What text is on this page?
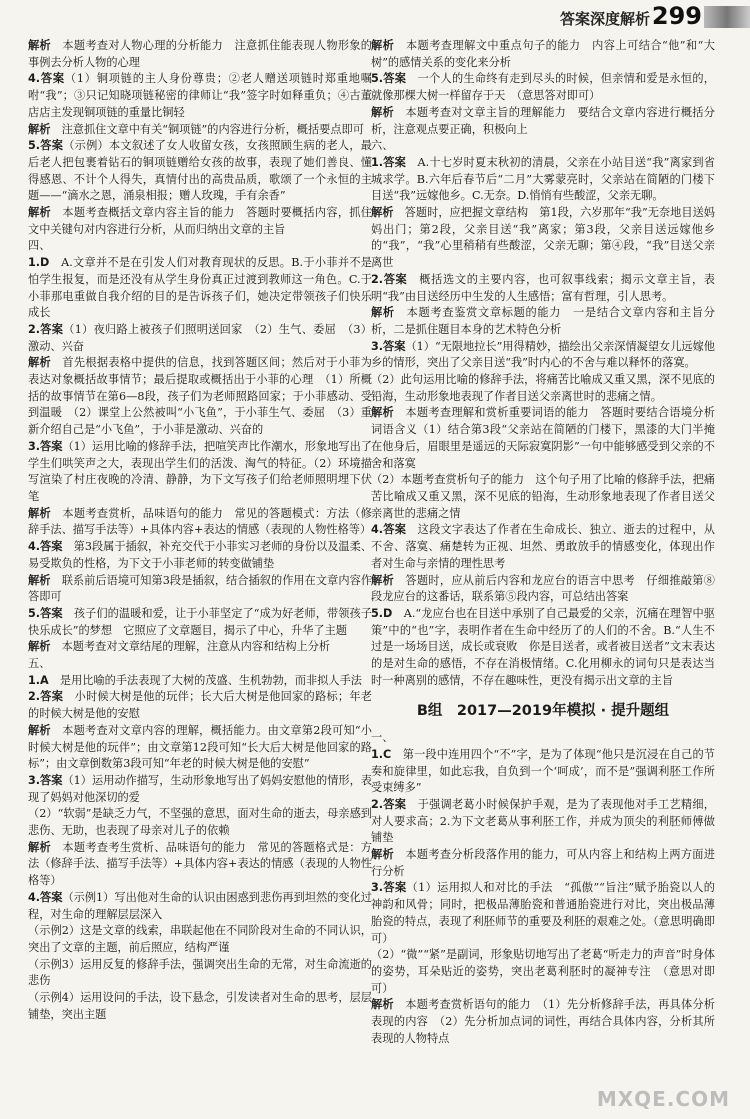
答案深度解析 299

解析　本题考查对人物心理的分析能力　注意抓住能表现人物形象的事例去分析人物的心理

4.答案（1）铜项链的主人身份尊贵；②老人赠送项链时郑重地嘱咐“我”；③只记知晓项链秘密的律师让“我”签字时如释重负；④古董店店主发现铜项链的重量比铜轻

解析　注意抓住文章中有关“铜项链”的内容进行分析，概括要点即可

5.答案（示例）本文叙述了女人收留女孩，女孩照顾生病的老人，最后老人把包裹着钻石的铜项链赠给女孩的故事，表现了她们善良、懂得感恩、不计个人得失，真情付出的高贵品质，歌颂了一个永恒的主题——“滴水之恩，涌泉相报；赠人玫瑰，手有余香”

解析　本题考查概括文章内容主旨的能力　答题时要概括内容，抓住文中关键句对内容进行分析，从而归纳出文章的主旨

四、

1.D　A.文章并不是在引发人们对教育现状的反思。B.于小菲并不是怕学生报复，而是还没有从学生身份真正过渡到教师这一角色。C.于小菲那电重做自我介绍的目的是告诉孩子们，她决定带领孩子们快乐成长

2.答案（1）夜归路上被孩子们照明送回家　（2）生气、委屈　（3）激动、兴奋

解析　首先根据表格中提供的信息，找到答题区间；然后对于小菲为表达对象概括故事情节；最后提取或概括出于小菲的心理　（1）所概括的故事情节在第6—8段，孩子们为老师照路回家；于小菲感动、受到温暖　（2）课堂上公然被叫“小飞鱼”，于小菲生气、委屈　（3）重新介绍自己是“小飞鱼”，于小菲是激动、兴奋的

3.答案（1）运用比喻的修辞手法，把喧笑声比作潮水，形象地写出了学生们哄笑声之大，表现出学生们的活泼、淘气的特征。（2）环境描写渲染了村庄夜晚的冷清、静静，为下文写孩子们给老师照明埋下伏笔

解析　本题考查赏析，品味语句的能力　常见的答题模式：方法（修辞手法、描写手法等）+具体内容+表达的情感（表现的人物性格等）

4.答案　第3段属于插叙，补充交代于小菲实习老师的身份以及温柔、易受欺负的性格，为下文于小菲老师的转变做铺垫

解析　联系前后语境可知第3段是插叙，结合插叙的作用在文章内容作答即可

5.答案　孩子们的温暖和爱，让于小菲坚定了“成为好老师，带领孩子快乐成长”的梦想　它照应了文章题目，揭示了中心，升华了主题

解析　本题考查对文章结尾的理解，注意从内容和结构上分析

五、

1.A　是用比喻的手法表现了大树的茂盛、生机勃勃，而非拟人手法

2.答案　小时候大树是他的玩伴；长大后大树是他回家的路标；年老的时候大树是他的安慰

解析　本题考查对文章内容的理解，概括能力。由文章第2段可知“小时候大树是他的玩伴”；由文章第12段可知“长大后大树是他回家的路标”；由文章倒数第3段可知“年老的时候大树是他的安慰”

3.答案（1）运用动作描写，生动形象地写出了妈妈安慰他的情形，表现了妈妈对他深切的爱

（2）“软弱”是缺乏力气，不坚强的意思，面对生命的逝去，母亲感到悲伤、无助，也表现了母亲对儿子的依赖

解析　本题考查考生赏析、品味语句的能力　常见的答题格式是：方法（修辞手法、描写手法等）+具体内容+表达的情感（表现的人物性格等）

4.答案（示例1）写出他对生命的认识由困惑到悲伤再到坦然的变化过程，对生命的理解层层深入

（示例2）这是文章的线索，串联起他在不同阶段对生命的不同认识，突出了文章的主题，前后照应，结构严谨

（示例3）运用反复的修辞手法，强调突出生命的无常，对生命流逝的悲伤

（示例4）运用设问的手法，设下悬念，引发读者对生命的思考，层层铺垫，突出主题

解析　本题考查理解文中重点句子的能力　内容上可结合“他”和“大树”的感情关系的变化来分析

5.答案　一个人的生命终有走到尽头的时候，但亲情和爱是永恒的，就像那棵大树一样留存于天　（意思答对即可）

解析　本题考查对文章主旨的理解能力　要结合文章内容进行概括分析，注意观点要正确，积极向上

六、

1.答案　A.十七岁时夏末秋初的清晨，父亲在小站目送“我”离家到省城求学。B.六年后春节后“二月”大雾蒙亮时，父亲站在简陋的门楼下目送“我”远嫁他乡。C.无奈。D.悄悄有些酸涩，父亲无聊。

解析　答题时，应把握文章结构　第1段，六岁那年“我”无奈地目送妈妈出门；第2段，父亲目送“我”离家；第3段，父亲目送远嫁他乡的“我”，“我”心里稍稍有些酸涩，父亲无聊；第④段，“我”目送父亲离世

2.答案　概括选文的主要内容，也可叙事线索；揭示文章主旨，表明“我”由目送经历中生发的人生感悟；富有哲理，引人思考。

解析　本题考查鉴赏文章标题的能力　一是结合文章内容和主旨分析，二是抓住题目本身的艺术特色分析

3.答案（1）“无限地拉长”用得精妙，描绘出父亲深情凝望女儿远嫁他乡的情形，突出了父亲目送“我”时内心的不舍与难以释怀的落寞。

（2）此句运用比喻的修辞手法，将痛苦比喻成又重又黑，深不见底的铅海，生动形象地表现了作者目送父亲离世时的悲痛之情。

解析　本题考查理解和赏析重要词语的能力　答题时要结合语境分析词语含义（1）结合第3段“父亲站在简陋的门楼下，黑漆的大门半掩在他身后，眉眼里是遥远的天际寂寞阴影”一句中能够感受到父亲的不舍和落寞

（2）本题考查赏析句子的能力　这个句子用了比喻的修辞手法，把痛苦比喻成又重又黑，深不见底的铅海，生动形象地表现了作者目送父亲离世的悲痛之情

4.答案　这段文字表达了作者在生命成长、独立、逝去的过程中，从不舍、落寞、痛楚转为正视、坦然、勇敢放手的情感变化，体现出作者对生命与亲情的理性思考

解析　答题时，应从前后内容和龙应台的语言中思考　仔细推敲第⑧段龙应台的这番话，联系第⑤段内容，可总结出答案

5.D　A.“龙应台也在目送中承别了自己最爱的父亲，沉痛在理智中驱策”中的“也”字，表明作者在生命中经历了的人们的不舍。B.“人生不过是一场场目送，成长或衰败　你是目送者，或者被目送者”文末表达的是对生命的感悟，不存在消极情绪。C.化用柳永的词句只是表达当时一种离别的感情，不存在趣味性，更没有揭示出文章的主旨

B组　2017—2019年模拟 · 提升题组

一、

1.C　第一段中连用四个“不”字，是为了体现“他只是沉浸在自己的节奏和旋律里，如此忘我，自负到一个‘呵成’，而不是”强调利胚工作所受束缚多”

2.答案　于强调老葛小时候保护手观，是为了表现他对手工艺精细，对人要求高；2.为下文老葛从事利胚工作，并成为顶尖的利胚师傅做铺垫

解析　本题考查分析段落作用的能力，可从内容上和结构上两方面进行分析

3.答案（1）运用拟人和对比的手法　“孤傲”“旨注”赋予胎瓷以人的神韵和风骨；同时，把极品薄胎瓷和普通胎瓷进行对比，突出极品薄胎瓷的特点，表现了利胚师节的重要及利胚的艰难之处。（意思明确即可）

（2）“微”“紧”是副词，形象贴切地写出了老葛“听走力的声音”时身体的姿势，耳朵贴近的姿势，突出老葛利胚时的凝神专注　（意思对即可）

解析　本题考查赏析语句的能力　（1）先分析修辞手法，再具体分析表现的内容　（2）先分析加点词的词性，再结合具体内容，分析其所表现的人物特点

MXQE.COM
